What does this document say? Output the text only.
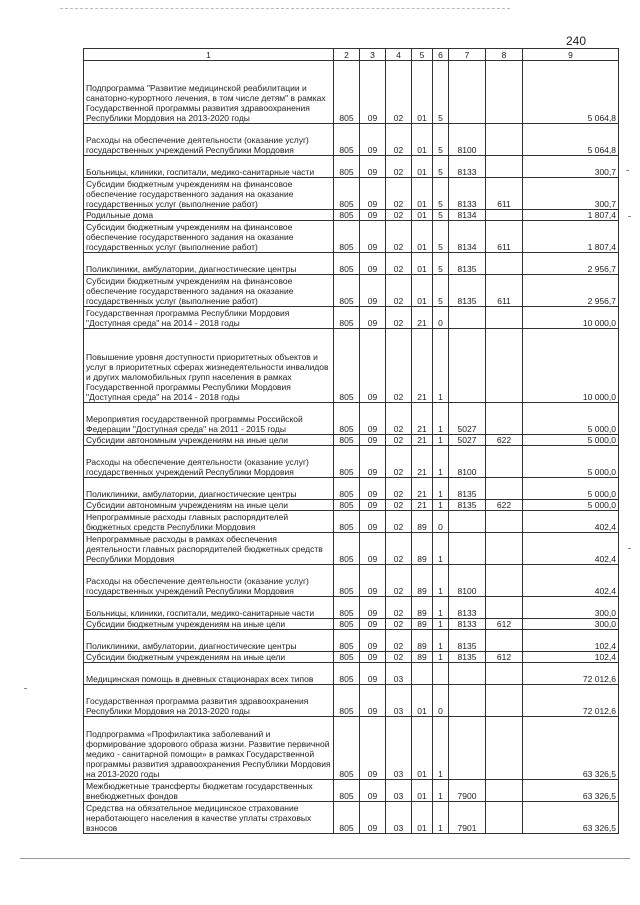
240
1	2	3	4	5	6	7	8	9
Подпрограмма "Развитие медицинской реабилитации и санаторно-курортного лечения, в том числе детям" в рамках Государственной программы развития здравоохранения Республики Мордовия на 2013-2020 годы	805	09	02	01	5			5 064,8
Расходы на обеспечение деятельности (оказание услуг) государственных учреждений Республики Мордовия	805	09	02	01	5	8100		5 064,8
Больницы, клиники, госпитали, медико-санитарные части	805	09	02	01	5	8133		300,7
Субсидии бюджетным учреждениям на финансовое обеспечение государственного задания на оказание государственных услуг (выполнение работ)	805	09	02	01	5	8133	611	300,7
Родильные дома	805	09	02	01	5	8134		1 807,4
Субсидии бюджетным учреждениям на финансовое обеспечение государственного задания на оказание государственных услуг (выполнение работ)	805	09	02	01	5	8134	611	1 807,4
Поликлиники, амбулатории, диагностические центры	805	09	02	01	5	8135		2 956,7
Субсидии бюджетным учреждениям на финансовое обеспечение государственного задания на оказание государственных услуг (выполнение работ)	805	09	02	01	5	8135	611	2 956,7
Государственная программа Республики Мордовия "Доступная среда" на 2014 - 2018 годы	805	09	02	21	0			10 000,0
Повышение уровня доступности приоритетных объектов и услуг в приоритетных сферах жизнедеятельности инвалидов и других маломобильных групп населения в рамках Государственной программы Республики Мордовия "Доступная среда" на 2014 - 2018 годы	805	09	02	21	1			10 000,0
Мероприятия государственной программы Российской Федерации "Доступная среда" на 2011 - 2015 годы	805	09	02	21	1	5027		5 000,0
Субсидии автономным учреждениям на иные цели	805	09	02	21	1	5027	622	5 000,0
Расходы на обеспечение деятельности (оказание услуг) государственных учреждений Республики Мордовия	805	09	02	21	1	8100		5 000,0
Поликлиники, амбулатории, диагностические центры	805	09	02	21	1	8135		5 000,0
Субсидии автономным учреждениям на иные цели	805	09	02	21	1	8135	622	5 000,0
Непрограммные расходы главных распорядителей бюджетных средств Республики Мордовия	805	09	02	89	0			402,4
Непрограммные расходы в рамках обеспечения деятельности главных распорядителей бюджетных средств Республики Мордовия	805	09	02	89	1			402,4
Расходы на обеспечение деятельности (оказание услуг) государственных учреждений Республики Мордовия	805	09	02	89	1	8100		402,4
Больницы, клиники, госпитали, медико-санитарные части	805	09	02	89	1	8133		300,0
Субсидии бюджетным учреждениям на иные цели	805	09	02	89	1	8133	612	300,0
Поликлиники, амбулатории, диагностические центры	805	09	02	89	1	8135		102,4
Субсидии бюджетным учреждениям на иные цели	805	09	02	89	1	8135	612	102,4
Медицинская помощь в дневных стационарах всех типов	805	09	03					72 012,6
Государственная программа развития здравоохранения Республики Мордовия на 2013-2020 годы	805	09	03	01	0			72 012,6
Подпрограмма «Профилактика заболеваний и формирование здорового образа жизни. Развитие первичной медико - санитарной помощи» в рамках Государственной программы развития здравоохранения Республики Мордовия на 2013-2020 годы	805	09	03	01	1			63 326,5
Межбюджетные трансферты бюджетам государственных внебюджетных фондов	805	09	03	01	1	7900		63 326,5
Средства на обязательное медицинское страхование неработающего населения в качестве уплаты страховых взносов	805	09	03	01	1	7901		63 326,5
